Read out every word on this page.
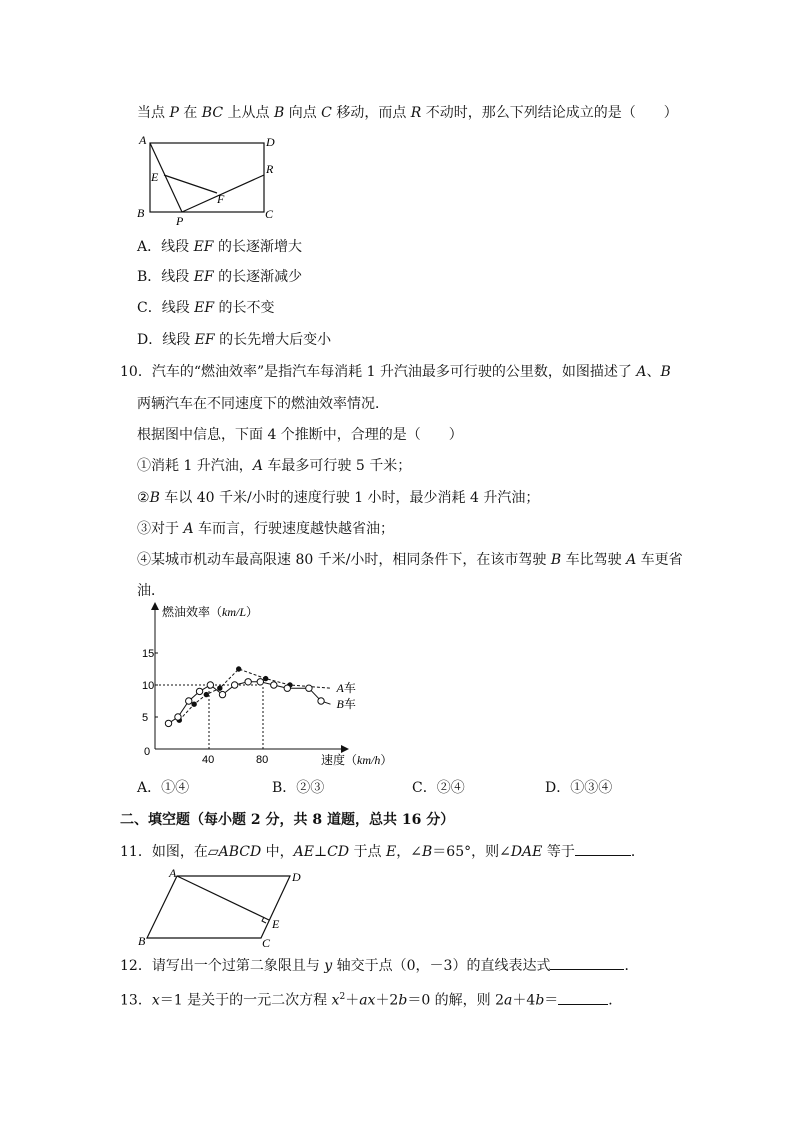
当点 P 在 BC 上从点 B 向点 C 移动，而点 R 不动时，那么下列结论成立的是（　　）
A	D
E
R
F
B
P	C
A．线段 EF 的长逐渐增大
B．线段 EF 的长逐渐减少
C．线段 EF 的长不变
D．线段 EF 的长先增大后变小
10．汽车的“燃油效率”是指汽车每消耗 1 升汽油最多可行驶的公里数，如图描述了 A、B
两辆汽车在不同速度下的燃油效率情况．
根据图中信息，下面 4 个推断中，合理的是（　　）
①消耗 1 升汽油，A 车最多可行驶 5 千米；
②B 车以 40 千米/小时的速度行驶 1 小时，最少消耗 4 升汽油；
③对于 A 车而言，行驶速度越快越省油；
④某城市机动车最高限速 80 千米/小时，相同条件下，在该市驾驶 B 车比驾驶 A 车更省
油．
5
10
15
40	80
A车
B车
燃油效率（km/L）
速度（km/h）
0
A．①④	B．②③	C．②④	D．①③④
二、填空题（每小题 2 分，共 8 道题，总共 16 分）
11．如图，在▱ABCD 中，AE⊥CD 于点 E，∠B＝65°，则∠DAE 等于	．
A	D
E
B	C
12．请写出一个过第二象限且与 y 轴交于点（0，－3）的直线表达式	．
13．x＝1 是关于的一元二次方程 $x^2+ax+2b=0$ 的解，则 2a＋4b＝	．
